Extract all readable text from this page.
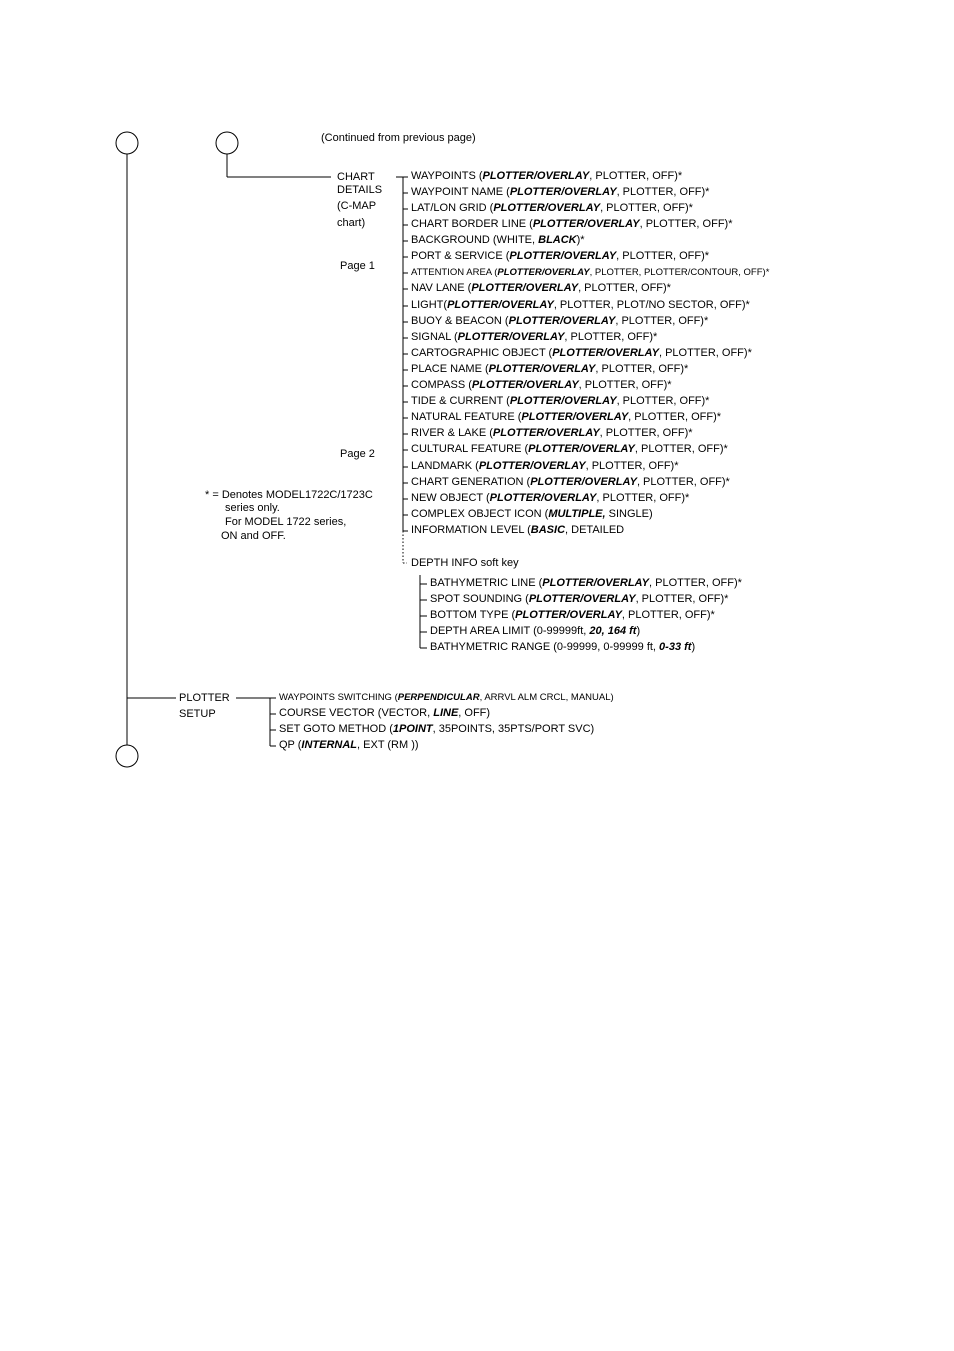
(Continued from previous page)
CHART
DETAILS
(C-MAP
chart)
Page 1
Page 2
* = Denotes MODEL1722C/1723C
series only.
For MODEL 1722 series,
ON and OFF.
WAYPOINTS (PLOTTER/OVERLAY, PLOTTER, OFF)*
WAYPOINT NAME (PLOTTER/OVERLAY, PLOTTER, OFF)*
LAT/LON GRID (PLOTTER/OVERLAY, PLOTTER, OFF)*
CHART BORDER LINE (PLOTTER/OVERLAY, PLOTTER, OFF)*
BACKGROUND (WHITE, BLACK)*
PORT & SERVICE (PLOTTER/OVERLAY, PLOTTER, OFF)*
ATTENTION AREA (PLOTTER/OVERLAY, PLOTTER, PLOTTER/CONTOUR, OFF)*
NAV LANE (PLOTTER/OVERLAY, PLOTTER, OFF)*
LIGHT(PLOTTER/OVERLAY, PLOTTER, PLOT/NO SECTOR, OFF)*
BUOY & BEACON (PLOTTER/OVERLAY, PLOTTER, OFF)*
SIGNAL (PLOTTER/OVERLAY, PLOTTER, OFF)*
CARTOGRAPHIC OBJECT (PLOTTER/OVERLAY, PLOTTER, OFF)*
PLACE NAME (PLOTTER/OVERLAY, PLOTTER, OFF)*
COMPASS (PLOTTER/OVERLAY, PLOTTER, OFF)*
TIDE & CURRENT (PLOTTER/OVERLAY, PLOTTER, OFF)*
NATURAL FEATURE (PLOTTER/OVERLAY, PLOTTER, OFF)*
RIVER & LAKE (PLOTTER/OVERLAY, PLOTTER, OFF)*
CULTURAL FEATURE (PLOTTER/OVERLAY, PLOTTER, OFF)*
LANDMARK (PLOTTER/OVERLAY, PLOTTER, OFF)*
CHART GENERATION (PLOTTER/OVERLAY, PLOTTER, OFF)*
NEW OBJECT (PLOTTER/OVERLAY, PLOTTER, OFF)*
COMPLEX OBJECT ICON (MULTIPLE, SINGLE)
INFORMATION LEVEL (BASIC, DETAILED
DEPTH INFO soft key
BATHYMETRIC LINE (PLOTTER/OVERLAY, PLOTTER, OFF)*
SPOT SOUNDING (PLOTTER/OVERLAY, PLOTTER, OFF)*
BOTTOM TYPE (PLOTTER/OVERLAY, PLOTTER, OFF)*
DEPTH AREA LIMIT (0-99999ft, 20, 164 ft)
BATHYMETRIC RANGE (0-99999, 0-99999 ft, 0-33 ft)
PLOTTER
SETUP
WAYPOINTS SWITCHING (PERPENDICULAR, ARRVL ALM CRCL, MANUAL)
COURSE VECTOR (VECTOR, LINE, OFF)
SET GOTO METHOD (1POINT, 35POINTS, 35PTS/PORT SVC)
QP (INTERNAL, EXT (RM ))
